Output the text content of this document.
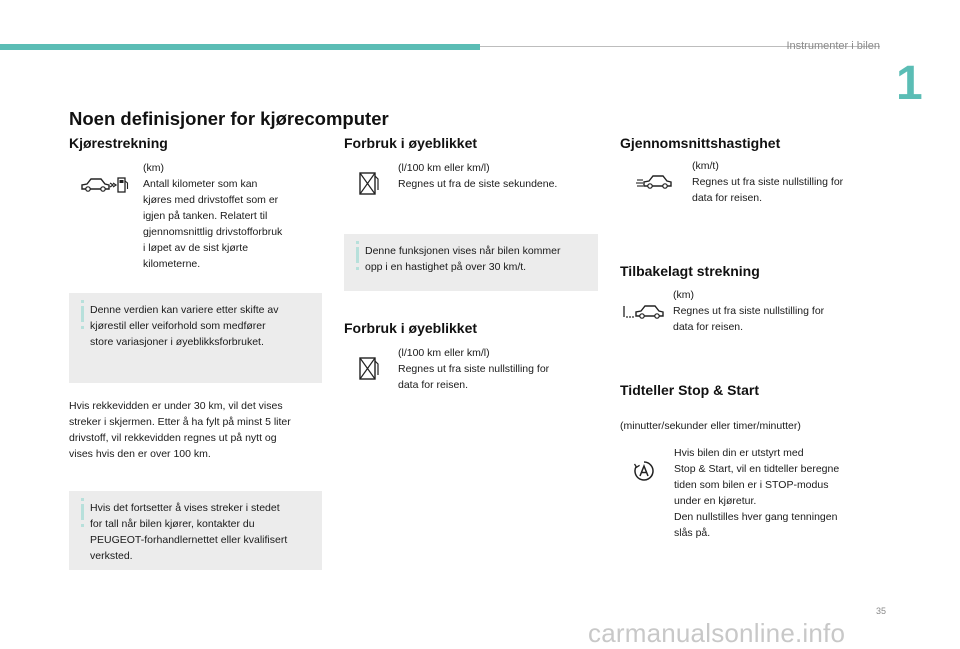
Instrumenter i bilen
1
Noen definisjoner for kjørecomputer
Kjørestrekning
(km)
Antall kilometer som kan
kjøres med drivstoffet som er
igjen på tanken. Relatert til
gjennomsnittlig drivstofforbruk
i løpet av de sist kjørte
kilometerne.
Denne verdien kan variere etter skifte av
kjørestil eller veiforhold som medfører
store variasjoner i øyeblikksforbruket.
Hvis rekkevidden er under 30 km, vil det vises
streker i skjermen. Etter å ha fylt på minst 5 liter
drivstoff, vil rekkevidden regnes ut på nytt og
vises hvis den er over 100 km.
Hvis det fortsetter å vises streker i stedet
for tall når bilen kjører, kontakter du
PEUGEOT-forhandlernettet eller kvalifisert
verksted.
Forbruk i øyeblikket
(l/100 km eller km/l)
Regnes ut fra de siste sekundene.
Denne funksjonen vises når bilen kommer
opp i en hastighet på over 30 km/t.
Forbruk i øyeblikket
(l/100 km eller km/l)
Regnes ut fra siste nullstilling for
data for reisen.
Gjennomsnittshastighet
(km/t)
Regnes ut fra siste nullstilling for
data for reisen.
Tilbakelagt strekning
(km)
Regnes ut fra siste nullstilling for
data for reisen.
Tidteller Stop & Start
(minutter/sekunder eller timer/minutter)
Hvis bilen din er utstyrt med
Stop & Start, vil en tidteller beregne
tiden som bilen er i STOP-modus
under en kjøretur.
Den nullstilles hver gang tenningen
slås på.
35
carmanualsonline.info
